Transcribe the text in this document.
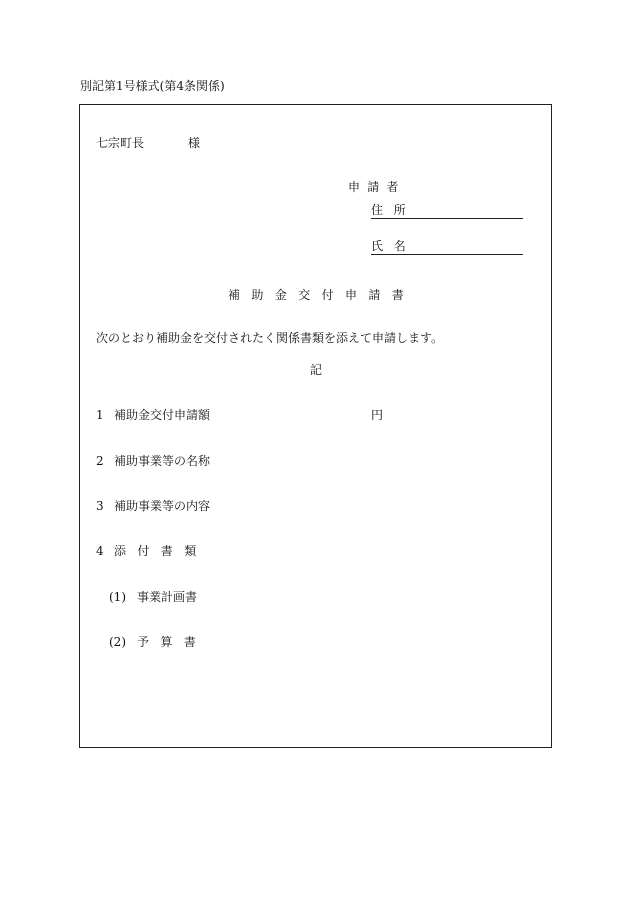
別記第1号様式(第4条関係)
七宗町長	様
申請者
住所
氏名
補助金交付申請書
次のとおり補助金を交付されたく関係書類を添えて申請します。
記
1 補助金交付申請額	円
2 補助事業等の名称
3 補助事業等の内容
4 添付書類
(1) 事業計画書
(2) 予算書
